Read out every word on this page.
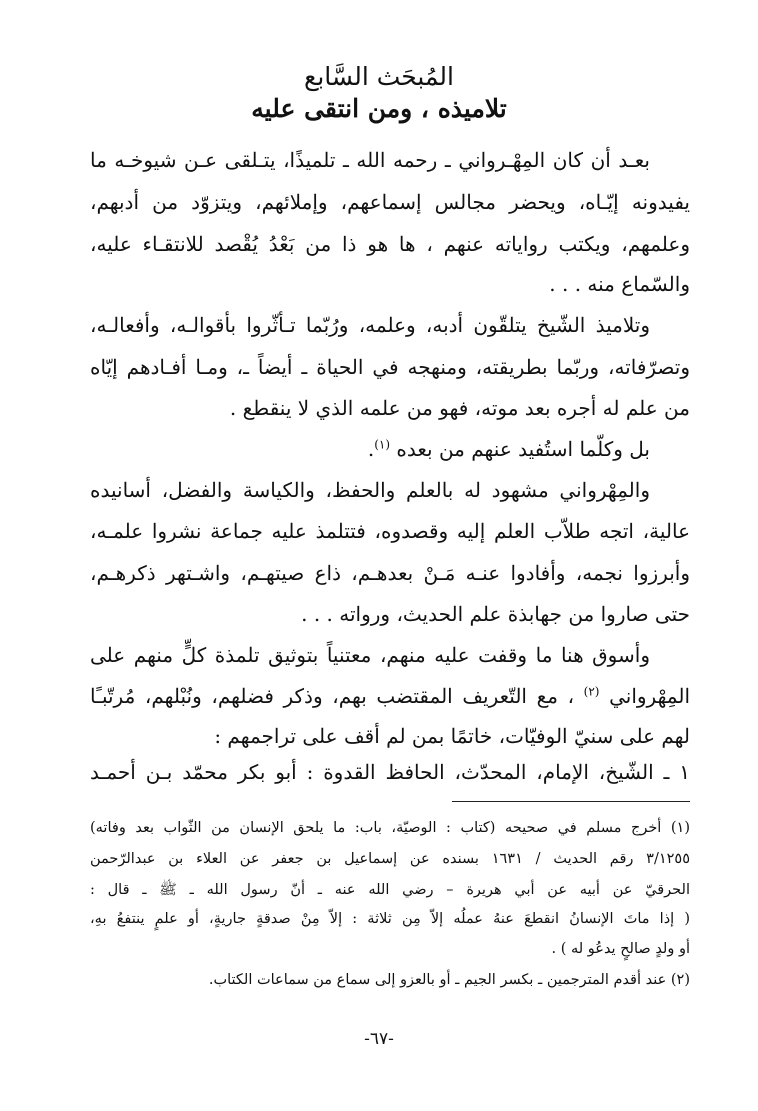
المُبحَث السَّابع
تلاميذه ، ومن انتقى عليه
بعـد أن كان المِهْـرواني ـ رحمه الله ـ تلميذًا، يتـلقى عـن شيوخـه ما
يفيدونه إيّـاه، ويحضر مجالس إسماعهم، وإملائهم، ويتزوّد من أدبهم،
وعلمهم، ويكتب رواياته عنهم ، ها هو ذا من بَعْدُ يُقْصد للانتقـاء عليه،
والسّماع منه . . .
وتلاميذ الشّيخ يتلقّون أدبه، وعلمه، ورُبّما تـأثّروا بأقوالـه، وأفعالـه،
وتصرّفاته، وربّما بطريقته، ومنهجه في الحياة ـ أيضاً ـ، ومـا أفـادهم إيّاه
من علم له أجره بعد موته، فهو من علمه الذي لا ينقطع .
بل وكلّما استُفيد عنهم من بعده $^{(١)}$.
والمِهْرواني مشهود له بالعلم والحفظ، والكياسة والفضل، أسانيده
عالية، اتجه طلاّب العلم إليه وقصدوه، فتتلمذ عليه جماعة نشروا علمـه،
وأبرزوا نجمه، وأفادوا عنـه مَـنْ بعدهـم، ذاع صيتهـم، واشـتهر ذكرهـم،
حتى صاروا من جهابذة علم الحديث، ورواته . . .
وأسوق هنا ما وقفت عليه منهم، معتنياً بتوثيق تلمذة كلٍّ منهم على
المِهْرواني $^{(٢)}$ ، مع التّعريف المقتضب بهم، وذكر فضلهم، ونُبْلهم، مُرتّبـًا
لهم على سنيّ الوفيّات، خاتمًا بمن لم أقف على تراجمهم :
١ ـ الشّيخ، الإمام، المحدّث، الحافظ القدوة : أبو بكر محمّد بـن أحمـد
(١) أخرج مسلم في صحيحه (كتاب : الوصيّة، باب: ما يلحق الإنسان من الثّواب بعد وفاته)
٣/١٢٥٥ رقم الحديث / ١٦٣١ بسنده عن إسماعيل بن جعفر عن العلاء بن عبدالرّحمن
الحرقيّ عن أبيه عن أبي هريرة – رضي الله عنه ـ أنّ رسول الله ـ ﷺ ـ قال :
( إذا ماتَ الإنسانُ انقطعَ عنهُ عملُه إلاّ مِن ثلاثة : إلاّ مِنْ صدقةٍ جاريةٍ، أو علمٍ ينتفعُ بهِ،
أو ولدٍ صالحٍ يدعُو له ) .
(٢) عند أقدم المترجمين ـ بكسر الجيم ـ أو بالعزو إلى سماع من سماعات الكتاب.
-٦٧-
